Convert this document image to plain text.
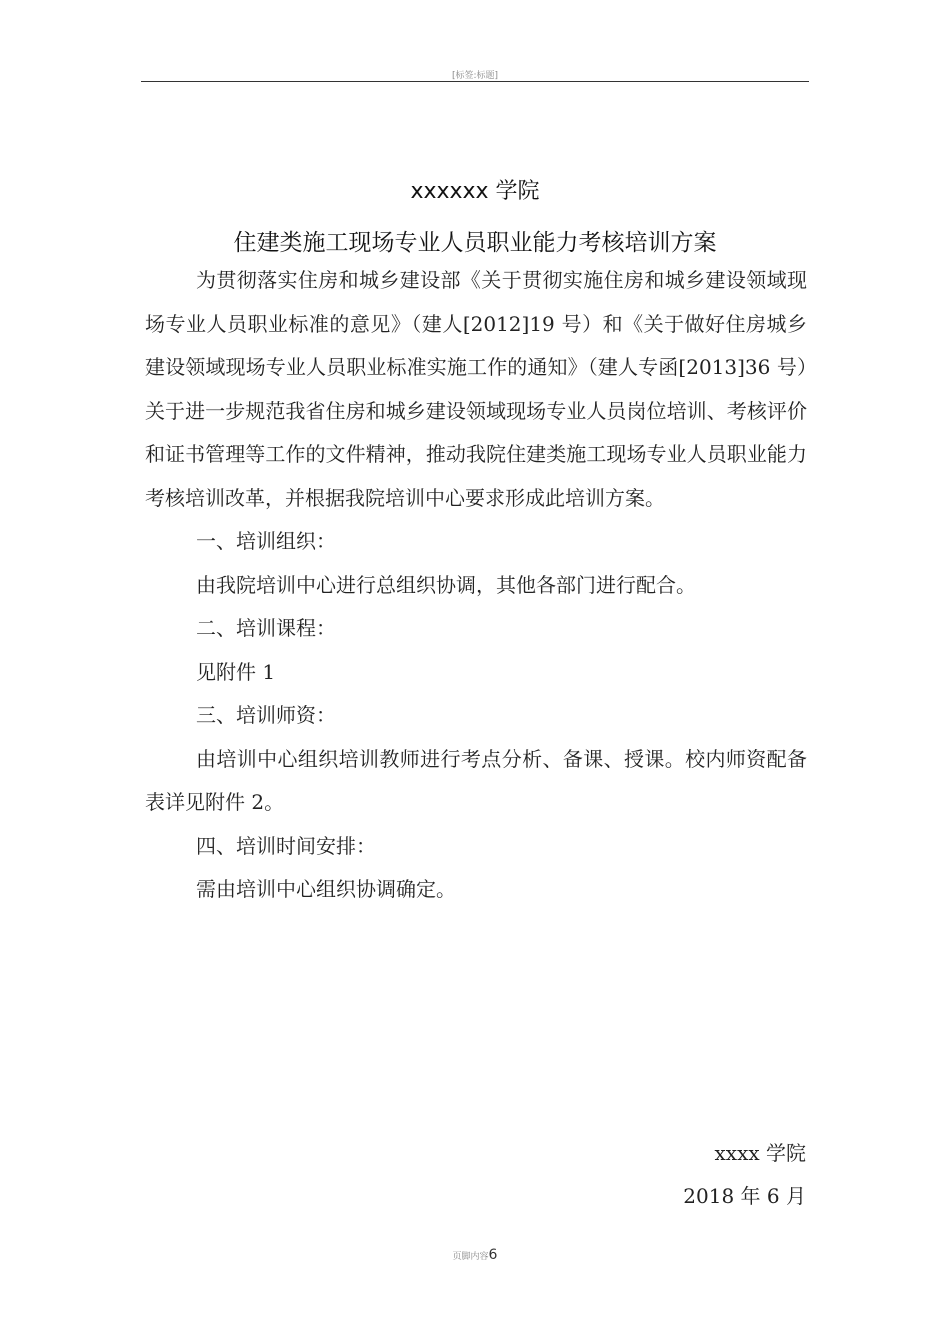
[标签:标题]
xxxxxx 学院
住建类施工现场专业人员职业能力考核培训方案

为贯彻落实住房和城乡建设部《关于贯彻实施住房和城乡建设领域现场专业人员职业标准的意见》（建人[2012]19 号）和《关于做好住房城乡建设领域现场专业人员职业标准实施工作的通知》（建人专函[2013]36 号）关于进一步规范我省住房和城乡建设领域现场专业人员岗位培训、考核评价和证书管理等工作的文件精神，推动我院住建类施工现场专业人员职业能力考核培训改革，并根据我院培训中心要求形成此培训方案。

一、培训组织：

由我院培训中心进行总组织协调，其他各部门进行配合。

二、培训课程：

见附件 1

三、培训师资：

由培训中心组织培训教师进行考点分析、备课、授课。校内师资配备表详见附件 2。

四、培训时间安排：

需由培训中心组织协调确定。

xxxx 学院
2018 年 6 月
页脚内容6
